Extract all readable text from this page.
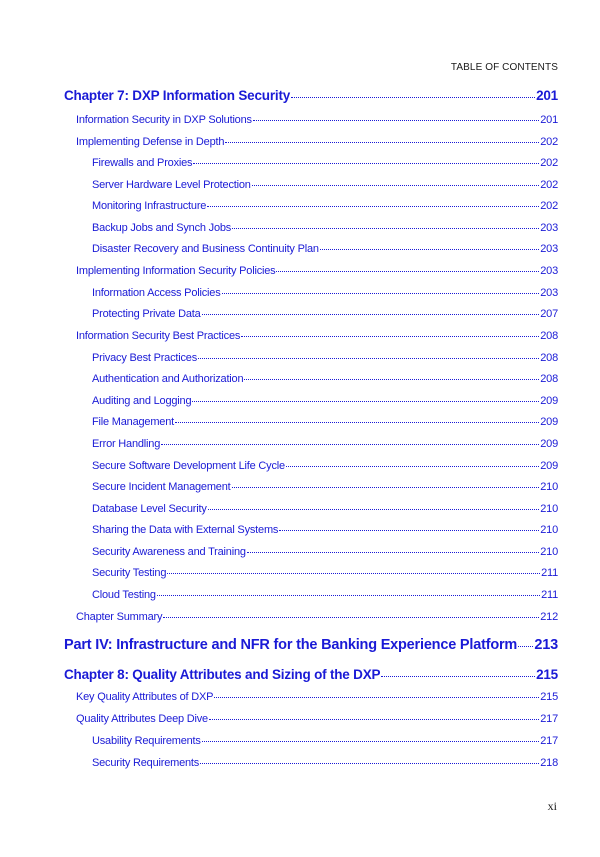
TABLE OF CONTENTS
Chapter 7: DXP Information Security	201
Information Security in DXP Solutions	201
Implementing Defense in Depth	202
Firewalls and Proxies	202
Server Hardware Level Protection	202
Monitoring Infrastructure	202
Backup Jobs and Synch Jobs	203
Disaster Recovery and Business Continuity Plan	203
Implementing Information Security Policies	203
Information Access Policies	203
Protecting Private Data	207
Information Security Best Practices	208
Privacy Best Practices	208
Authentication and Authorization	208
Auditing and Logging	209
File Management	209
Error Handling	209
Secure Software Development Life Cycle	209
Secure Incident Management	210
Database Level Security	210
Sharing the Data with External Systems	210
Security Awareness and Training	210
Security Testing	211
Cloud Testing	211
Chapter Summary	212
Part IV: Infrastructure and NFR for the Banking Experience Platform 213
Chapter 8: Quality Attributes and Sizing of the DXP	215
Key Quality Attributes of DXP	215
Quality Attributes Deep Dive	217
Usability Requirements	217
Security Requirements	218
xi
